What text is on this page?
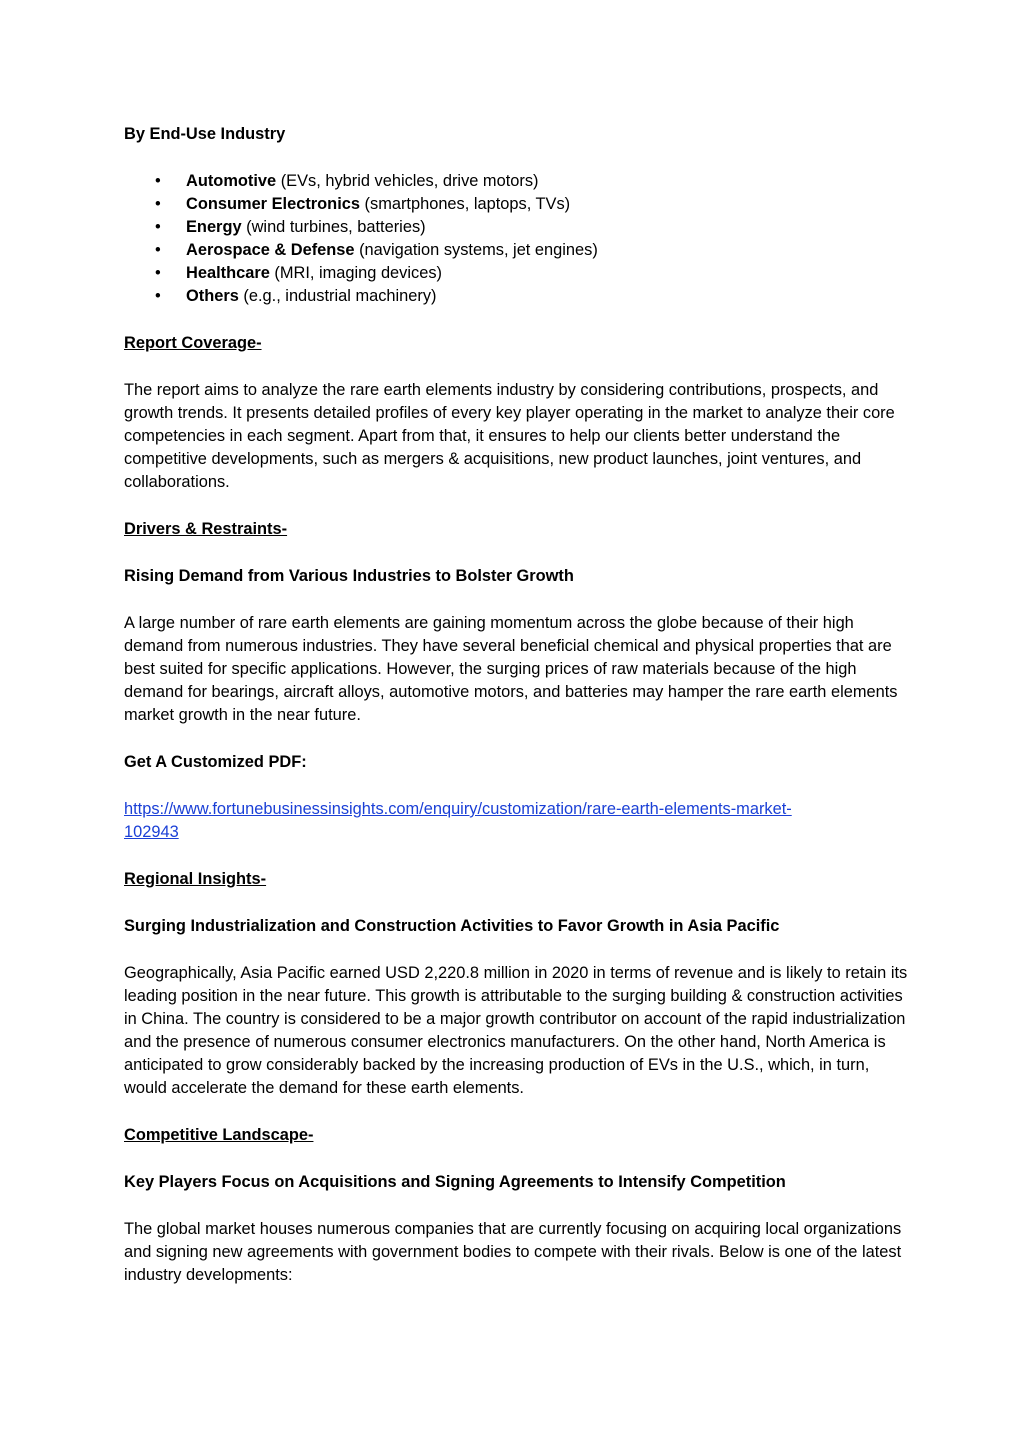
By End-Use Industry

• Automotive (EVs, hybrid vehicles, drive motors)
• Consumer Electronics (smartphones, laptops, TVs)
• Energy (wind turbines, batteries)
• Aerospace & Defense (navigation systems, jet engines)
• Healthcare (MRI, imaging devices)
• Others (e.g., industrial machinery)

Report Coverage-

The report aims to analyze the rare earth elements industry by considering contributions, prospects, and growth trends. It presents detailed profiles of every key player operating in the market to analyze their core competencies in each segment. Apart from that, it ensures to help our clients better understand the competitive developments, such as mergers & acquisitions, new product launches, joint ventures, and collaborations.

Drivers & Restraints-

Rising Demand from Various Industries to Bolster Growth

A large number of rare earth elements are gaining momentum across the globe because of their high demand from numerous industries. They have several beneficial chemical and physical properties that are best suited for specific applications. However, the surging prices of raw materials because of the high demand for bearings, aircraft alloys, automotive motors, and batteries may hamper the rare earth elements market growth in the near future.

Get A Customized PDF:

https://www.fortunebusinessinsights.com/enquiry/customization/rare-earth-elements-market-
102943

Regional Insights-

Surging Industrialization and Construction Activities to Favor Growth in Asia Pacific

Geographically, Asia Pacific earned USD 2,220.8 million in 2020 in terms of revenue and is likely to retain its leading position in the near future. This growth is attributable to the surging building & construction activities in China. The country is considered to be a major growth contributor on account of the rapid industrialization and the presence of numerous consumer electronics manufacturers. On the other hand, North America is anticipated to grow considerably backed by the increasing production of EVs in the U.S., which, in turn, would accelerate the demand for these earth elements.

Competitive Landscape-

Key Players Focus on Acquisitions and Signing Agreements to Intensify Competition

The global market houses numerous companies that are currently focusing on acquiring local organizations and signing new agreements with government bodies to compete with their rivals. Below is one of the latest industry developments:
